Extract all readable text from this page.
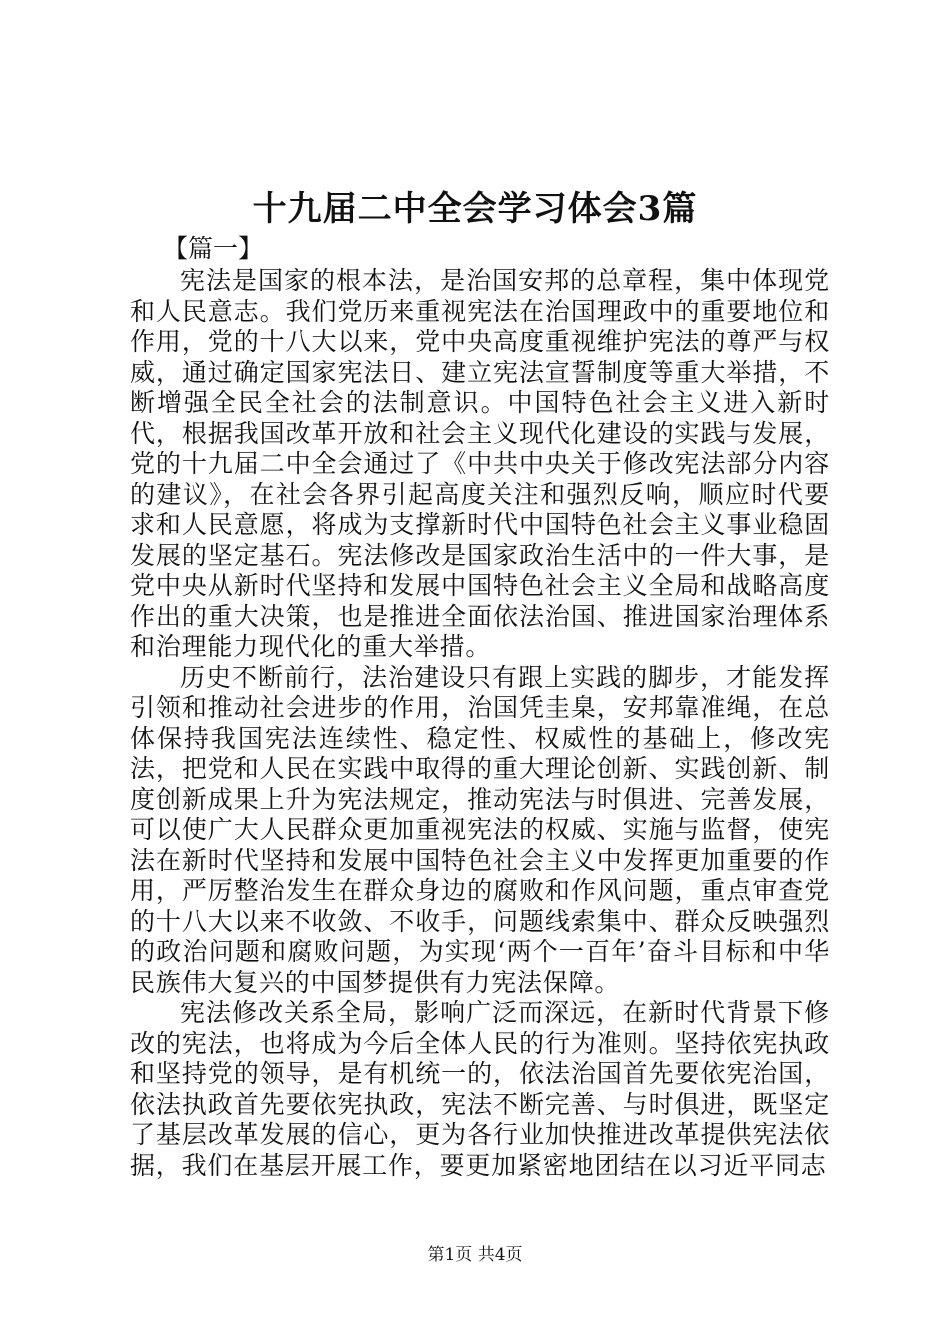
十九届二中全会学习体会3篇

【篇一】

宪法是国家的根本法，是治国安邦的总章程，集中体现党和人民意志。我们党历来重视宪法在治国理政中的重要地位和作用，党的十八大以来，党中央高度重视维护宪法的尊严与权威，通过确定国家宪法日、建立宪法宣誓制度等重大举措，不断增强全民全社会的法制意识。中国特色社会主义进入新时代，根据我国改革开放和社会主义现代化建设的实践与发展，党的十九届二中全会通过了《中共中央关于修改宪法部分内容的建议》，在社会各界引起高度关注和强烈反响，顺应时代要求和人民意愿，将成为支撑新时代中国特色社会主义事业稳固发展的坚定基石。宪法修改是国家政治生活中的一件大事，是党中央从新时代坚持和发展中国特色社会主义全局和战略高度作出的重大决策，也是推进全面依法治国、推进国家治理体系和治理能力现代化的重大举措。

历史不断前行，法治建设只有跟上实践的脚步，才能发挥引领和推动社会进步的作用，治国凭圭臬，安邦靠准绳，在总体保持我国宪法连续性、稳定性、权威性的基础上，修改宪法，把党和人民在实践中取得的重大理论创新、实践创新、制度创新成果上升为宪法规定，推动宪法与时俱进、完善发展，可以使广大人民群众更加重视宪法的权威、实施与监督，使宪法在新时代坚持和发展中国特色社会主义中发挥更加重要的作用，严厉整治发生在群众身边的腐败和作风问题，重点审查党的十八大以来不收敛、不收手，问题线索集中、群众反映强烈的政治问题和腐败问题，为实现‘两个一百年’奋斗目标和中华民族伟大复兴的中国梦提供有力宪法保障。

宪法修改关系全局，影响广泛而深远，在新时代背景下修改的宪法，也将成为今后全体人民的行为准则。坚持依宪执政和坚持党的领导，是有机统一的，依法治国首先要依宪治国，依法执政首先要依宪执政，宪法不断完善、与时俱进，既坚定了基层改革发展的信心，更为各行业加快推进改革提供宪法依据，我们在基层开展工作，要更加紧密地团结在以习近平同志

第1页 共4页
